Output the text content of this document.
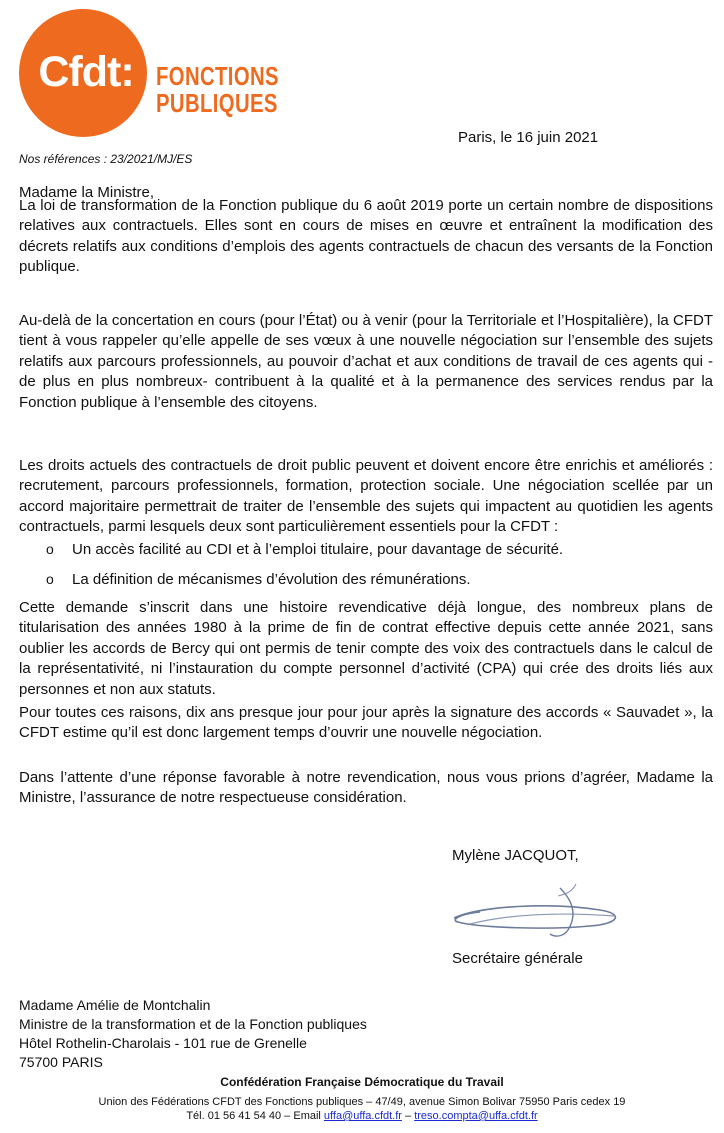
Cfdt: FONCTIONS
PUBLIQUES
Paris, le 16 juin 2021
Nos références : 23/2021/MJ/ES
Madame la Ministre,
La loi de transformation de la Fonction publique du 6 août 2019 porte un certain nombre de dispositions relatives aux contractuels. Elles sont en cours de mises en œuvre et entraînent la modification des décrets relatifs aux conditions d’emplois des agents contractuels de chacun des versants de la Fonction publique.
Au-delà de la concertation en cours (pour l’État) ou à venir (pour la Territoriale et l’Hospitalière), la CFDT tient à vous rappeler qu’elle appelle de ses vœux à une nouvelle négociation sur l’ensemble des sujets relatifs aux parcours professionnels, au pouvoir d’achat et aux conditions de travail de ces agents qui -de plus en plus nombreux- contribuent à la qualité et à la permanence des services rendus par la Fonction publique à l’ensemble des citoyens.
Les droits actuels des contractuels de droit public peuvent et doivent encore être enrichis et améliorés : recrutement, parcours professionnels, formation, protection sociale. Une négociation scellée par un accord majoritaire permettrait de traiter de l’ensemble des sujets qui impactent au quotidien les agents contractuels, parmi lesquels deux sont particulièrement essentiels pour la CFDT :
o Un accès facilité au CDI et à l’emploi titulaire, pour davantage de sécurité.
o La définition de mécanismes d’évolution des rémunérations.
Cette demande s’inscrit dans une histoire revendicative déjà longue, des nombreux plans de titularisation des années 1980 à la prime de fin de contrat effective depuis cette année 2021, sans oublier les accords de Bercy qui ont permis de tenir compte des voix des contractuels dans le calcul de la représentativité, ni l’instauration du compte personnel d’activité (CPA) qui crée des droits liés aux personnes et non aux statuts.
Pour toutes ces raisons, dix ans presque jour pour jour après la signature des accords « Sauvadet », la CFDT estime qu’il est donc largement temps d’ouvrir une nouvelle négociation.
Dans l’attente d’une réponse favorable à notre revendication, nous vous prions d’agréer, Madame la Ministre, l’assurance de notre respectueuse considération.
Mylène JACQUOT,
Secrétaire générale
Madame Amélie de Montchalin
Ministre de la transformation et de la Fonction publiques
Hôtel Rothelin-Charolais - 101 rue de Grenelle
75700 PARIS
Confédération Française Démocratique du Travail
Union des Fédérations CFDT des Fonctions publiques – 47/49, avenue Simon Bolivar 75950 Paris cedex 19
Tél. 01 56 41 54 40 – Email uffa@uffa.cfdt.fr – treso.compta@uffa.cfdt.fr
